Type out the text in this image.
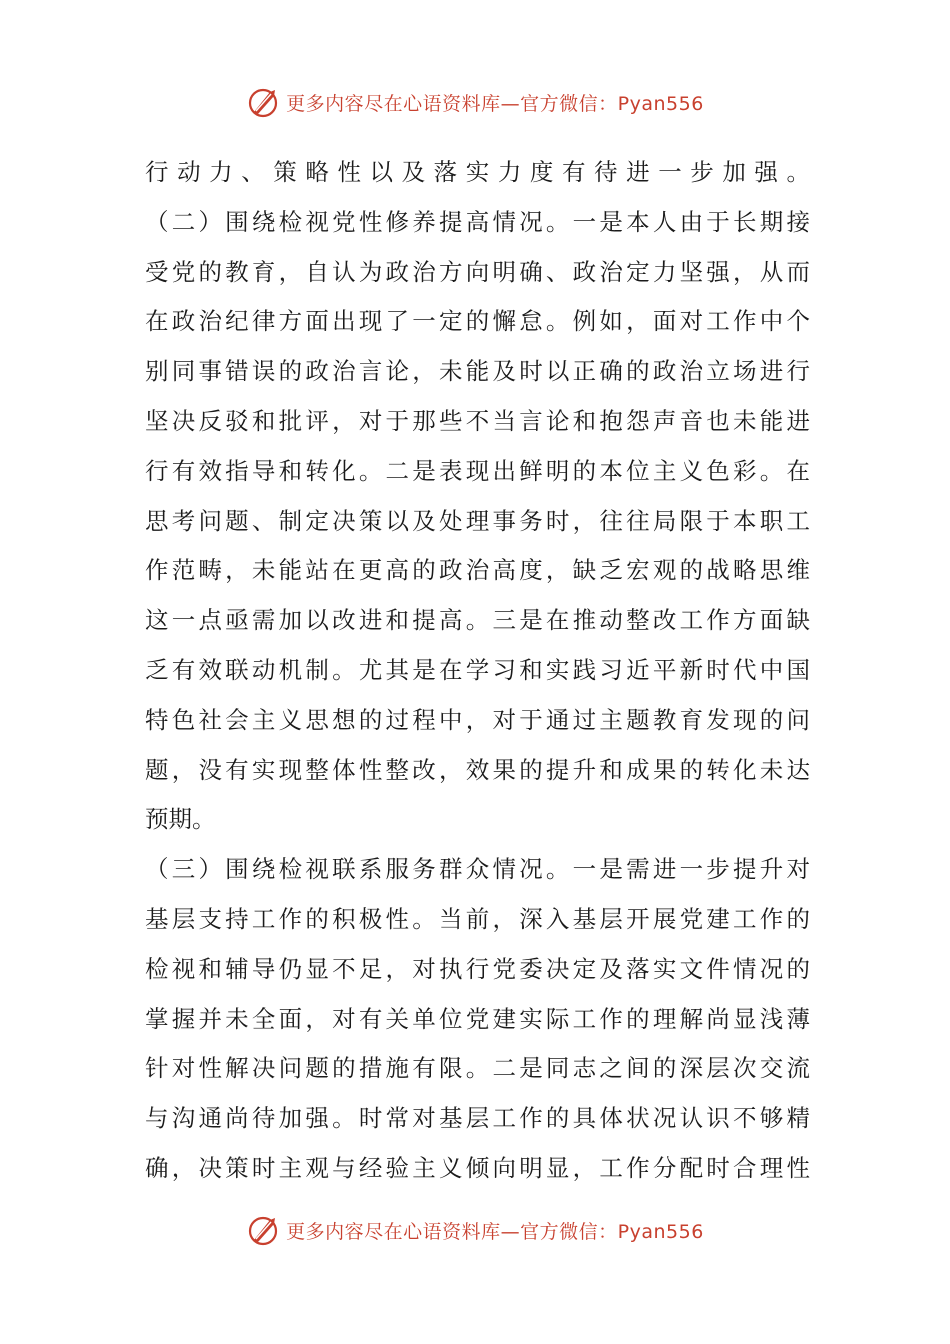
更多内容尽在心语资料库—官方微信：Pyan556
行动力、策略性以及落实力度有待进一步加强。
（二）围绕检视党性修养提高情况。一是本人由于长期接
受党的教育，自认为政治方向明确、政治定力坚强，从而
在政治纪律方面出现了一定的懈怠。例如，面对工作中个
别同事错误的政治言论，未能及时以正确的政治立场进行
坚决反驳和批评，对于那些不当言论和抱怨声音也未能进
行有效指导和转化。二是表现出鲜明的本位主义色彩。在
思考问题、制定决策以及处理事务时，往往局限于本职工
作范畴，未能站在更高的政治高度，缺乏宏观的战略思维
这一点亟需加以改进和提高。三是在推动整改工作方面缺
乏有效联动机制。尤其是在学习和实践习近平新时代中国
特色社会主义思想的过程中，对于通过主题教育发现的问
题，没有实现整体性整改，效果的提升和成果的转化未达
预期。
（三）围绕检视联系服务群众情况。一是需进一步提升对
基层支持工作的积极性。当前，深入基层开展党建工作的
检视和辅导仍显不足，对执行党委决定及落实文件情况的
掌握并未全面，对有关单位党建实际工作的理解尚显浅薄
针对性解决问题的措施有限。二是同志之间的深层次交流
与沟通尚待加强。时常对基层工作的具体状况认识不够精
确，决策时主观与经验主义倾向明显，工作分配时合理性
更多内容尽在心语资料库—官方微信：Pyan556
